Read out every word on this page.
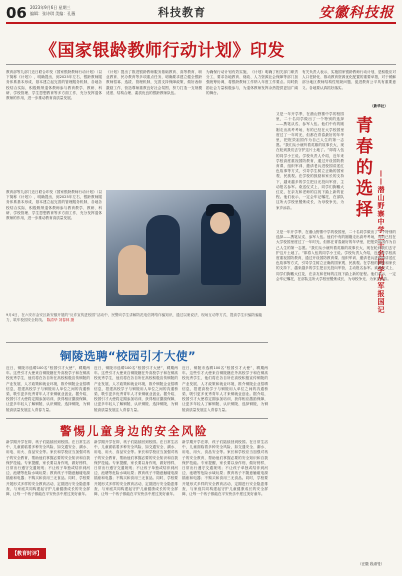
06 2023年9月6日 星期三
编辑：张诗琪 美编：孔薇	科技教育	安徽科技报
《国家银龄教师行动计划》印发
教育部等九部门近日联合印发《国家银龄教师行动计划》（以下简称《计划》），明确提出，到2025年左右，银龄教师服务体系基本形成，基本建立起完善的管理服务机制，各地各校结合实际，积极吸纳退休教师参与教育教学、教研、科研、学校管理、学生思想教育等多方面工作，充分发挥退休教师的作用，进一步推动教育高质量发展。
《计划》提出了推进银龄教师服务基础教育、高等教育、职业教育、民办教育等多项重点任务，明确要求建立健全银龄教师招募、选拔、管理机制，完善支持保障政策，做好表彰激励工作，营造尊师重教良好社会氛围，努力打造一支规模适度、结构合理、素质优良的银龄教师队伍。
为确保行动计划有效实施，《计划》明确了相关部门职责分工，要求各地教育、财政、人力资源社会保障等部门加强统筹协调，将银龄教师工作纳入年度工作要点。同时鼓励社会力量积极参与，为退休教师发挥余热提供更加广阔的舞台。
有关负责人表示，实施国家银龄教师行动计划，是积极应对人口老龄化、推动教育资源优化配置的重要举措，对于缓解部分地区教师结构性短缺问题、促进教育公平具有重要意义。各地要认真抓好落实。
（新华社）
教育部等九部门近日联合印发《国家银龄教师行动计划》（以下简称《计划》），明确提出，到2025年左右，银龄教师服务体系基本形成，基本建立起完善的管理服务机制，各地各校结合实际，积极吸纳退休教师参与教育教学、教研、科研、学校管理、学生思想教育等多方面工作，充分发挥退休教师的作用，进一步推动教育高质量发展。
9月4日，在六安市金安区新安镇开展的“反诈宣传进校园”活动中，民警向学生讲解防范电信网络诈骗知识，通过以案说法、现场互动等方式，提高学生识骗防骗能力，筑牢校园安全防线。 陈清华 刘春林 摄
青春的选择
——潜山野寨中学二十名同学从军报国记
又是一年开学季，在潜山野寨中学的校园里，二十名同学做出了一个特别的选择——携笔从戎、参军入伍。他们中有的刚刚走出高考考场，有的已经在大学校园里度过了一年时光，但都在青春最好的年华里，把报效祖国作为自己人生的第一志愿。“我们从小就听着英雄的故事长大，现在轮到我们去守护这片土地了。”即将入伍的同学小王说。学校负责人介绍，近年来学校高度重视国防教育，通过开设国防教育课、组织军训、邀请老兵进校园讲述红色故事等方式，引导学生树立正确的国家观、民族观。在学校的鼓励和家长的支持下，越来越多的学生把目光投向军营，主动报名参军。欢送仪式上，同学们胸戴大红花，在亲友和老师的注视下踏上新的征程。他们表示，一定会牢记嘱托，在部队这所大学校里锻炼成长，为母校争光、为家乡添彩。
又是一年开学季，在潜山野寨中学的校园里，二十名同学做出了一个特别的选择——携笔从戎、参军入伍。他们中有的刚刚走出高考考场，有的已经在大学校园里度过了一年时光，但都在青春最好的年华里，把报效祖国作为自己人生的第一志愿。“我们从小就听着英雄的故事长大，现在轮到我们去守护这片土地了。”即将入伍的同学小王说。学校负责人介绍，近年来学校高度重视国防教育，通过开设国防教育课、组织军训、邀请老兵进校园讲述红色故事等方式，引导学生树立正确的国家观、民族观。在学校的鼓励和家长的支持下，越来越多的学生把目光投向军营，主动报名参军。欢送仪式上，同学们胸戴大红花，在亲友和老师的注视下踏上新的征程。他们表示，一定会牢记嘱托，在部队这所大学校里锻炼成长，为母校争光、为家乡添彩。
（汪徽 段淑旻）
铜陵选聘“校园引才大使”
近日，铜陵市选聘100名“校园引才大使”，聘期两年。这些引才大使来自铜陵籍在外高校学子和在铜高校优秀学生，他们将在各自所在高校积极宣传铜陵的产业发展、人才政策和就业环境，推介铜陵企业招聘信息，搭建高校学子与铜陵用人单位之间的沟通桥梁，吸引更多优秀青年人才来铜就业创业。据介绍，校园引才大使将定期参加培训，获得相应激励保障，让更多年轻人了解铜陵、认识铜陵、选择铜陵，为铜陵高质量发展注入青春力量。
近日，铜陵市选聘100名“校园引才大使”，聘期两年。这些引才大使来自铜陵籍在外高校学子和在铜高校优秀学生，他们将在各自所在高校积极宣传铜陵的产业发展、人才政策和就业环境，推介铜陵企业招聘信息，搭建高校学子与铜陵用人单位之间的沟通桥梁，吸引更多优秀青年人才来铜就业创业。据介绍，校园引才大使将定期参加培训，获得相应激励保障，让更多年轻人了解铜陵、认识铜陵、选择铜陵，为铜陵高质量发展注入青春力量。
近日，铜陵市选聘100名“校园引才大使”，聘期两年。这些引才大使来自铜陵籍在外高校学子和在铜高校优秀学生，他们将在各自所在高校积极宣传铜陵的产业发展、人才政策和就业环境，推介铜陵企业招聘信息，搭建高校学子与铜陵用人单位之间的沟通桥梁，吸引更多优秀青年人才来铜就业创业。据介绍，校园引才大使将定期参加培训，获得相应激励保障，让更多年轻人了解铜陵、认识铜陵、选择铜陵，为铜陵高质量发展注入青春力量。
警惕儿童身边的安全风险
新学期开学在即，孩子们陆续回到校园。在日常生活中，儿童面临着多种安全风险，如交通安全、溺水、用电、用火、食品安全等。家长和学校应当加强对孩子的安全教育，帮助他们掌握必要的安全知识和自我保护技能。专家提醒，家长要以身作则，做好榜样，日常出行遵守交通规则；不让孩子单独或结伴到河边、池塘等危险水域玩耍；教育孩子不随意触碰电源插座和电器；不购买和食用三无食品。同时，学校要开展形式多样的安全教育活动，定期进行安全隐患排查，与家庭共同构建起守护儿童健康成长的安全屏障，让每一个孩子都能在平安快乐中度过美好童年。
新学期开学在即，孩子们陆续回到校园。在日常生活中，儿童面临着多种安全风险，如交通安全、溺水、用电、用火、食品安全等。家长和学校应当加强对孩子的安全教育，帮助他们掌握必要的安全知识和自我保护技能。专家提醒，家长要以身作则，做好榜样，日常出行遵守交通规则；不让孩子单独或结伴到河边、池塘等危险水域玩耍；教育孩子不随意触碰电源插座和电器；不购买和食用三无食品。同时，学校要开展形式多样的安全教育活动，定期进行安全隐患排查，与家庭共同构建起守护儿童健康成长的安全屏障，让每一个孩子都能在平安快乐中度过美好童年。
新学期开学在即，孩子们陆续回到校园。在日常生活中，儿童面临着多种安全风险，如交通安全、溺水、用电、用火、食品安全等。家长和学校应当加强对孩子的安全教育，帮助他们掌握必要的安全知识和自我保护技能。专家提醒，家长要以身作则，做好榜样，日常出行遵守交通规则；不让孩子单独或结伴到河边、池塘等危险水域玩耍；教育孩子不随意触碰电源插座和电器；不购买和食用三无食品。同时，学校要开展形式多样的安全教育活动，定期进行安全隐患排查，与家庭共同构建起守护儿童健康成长的安全屏障，让每一个孩子都能在平安快乐中度过美好童年。
【教育时评】
